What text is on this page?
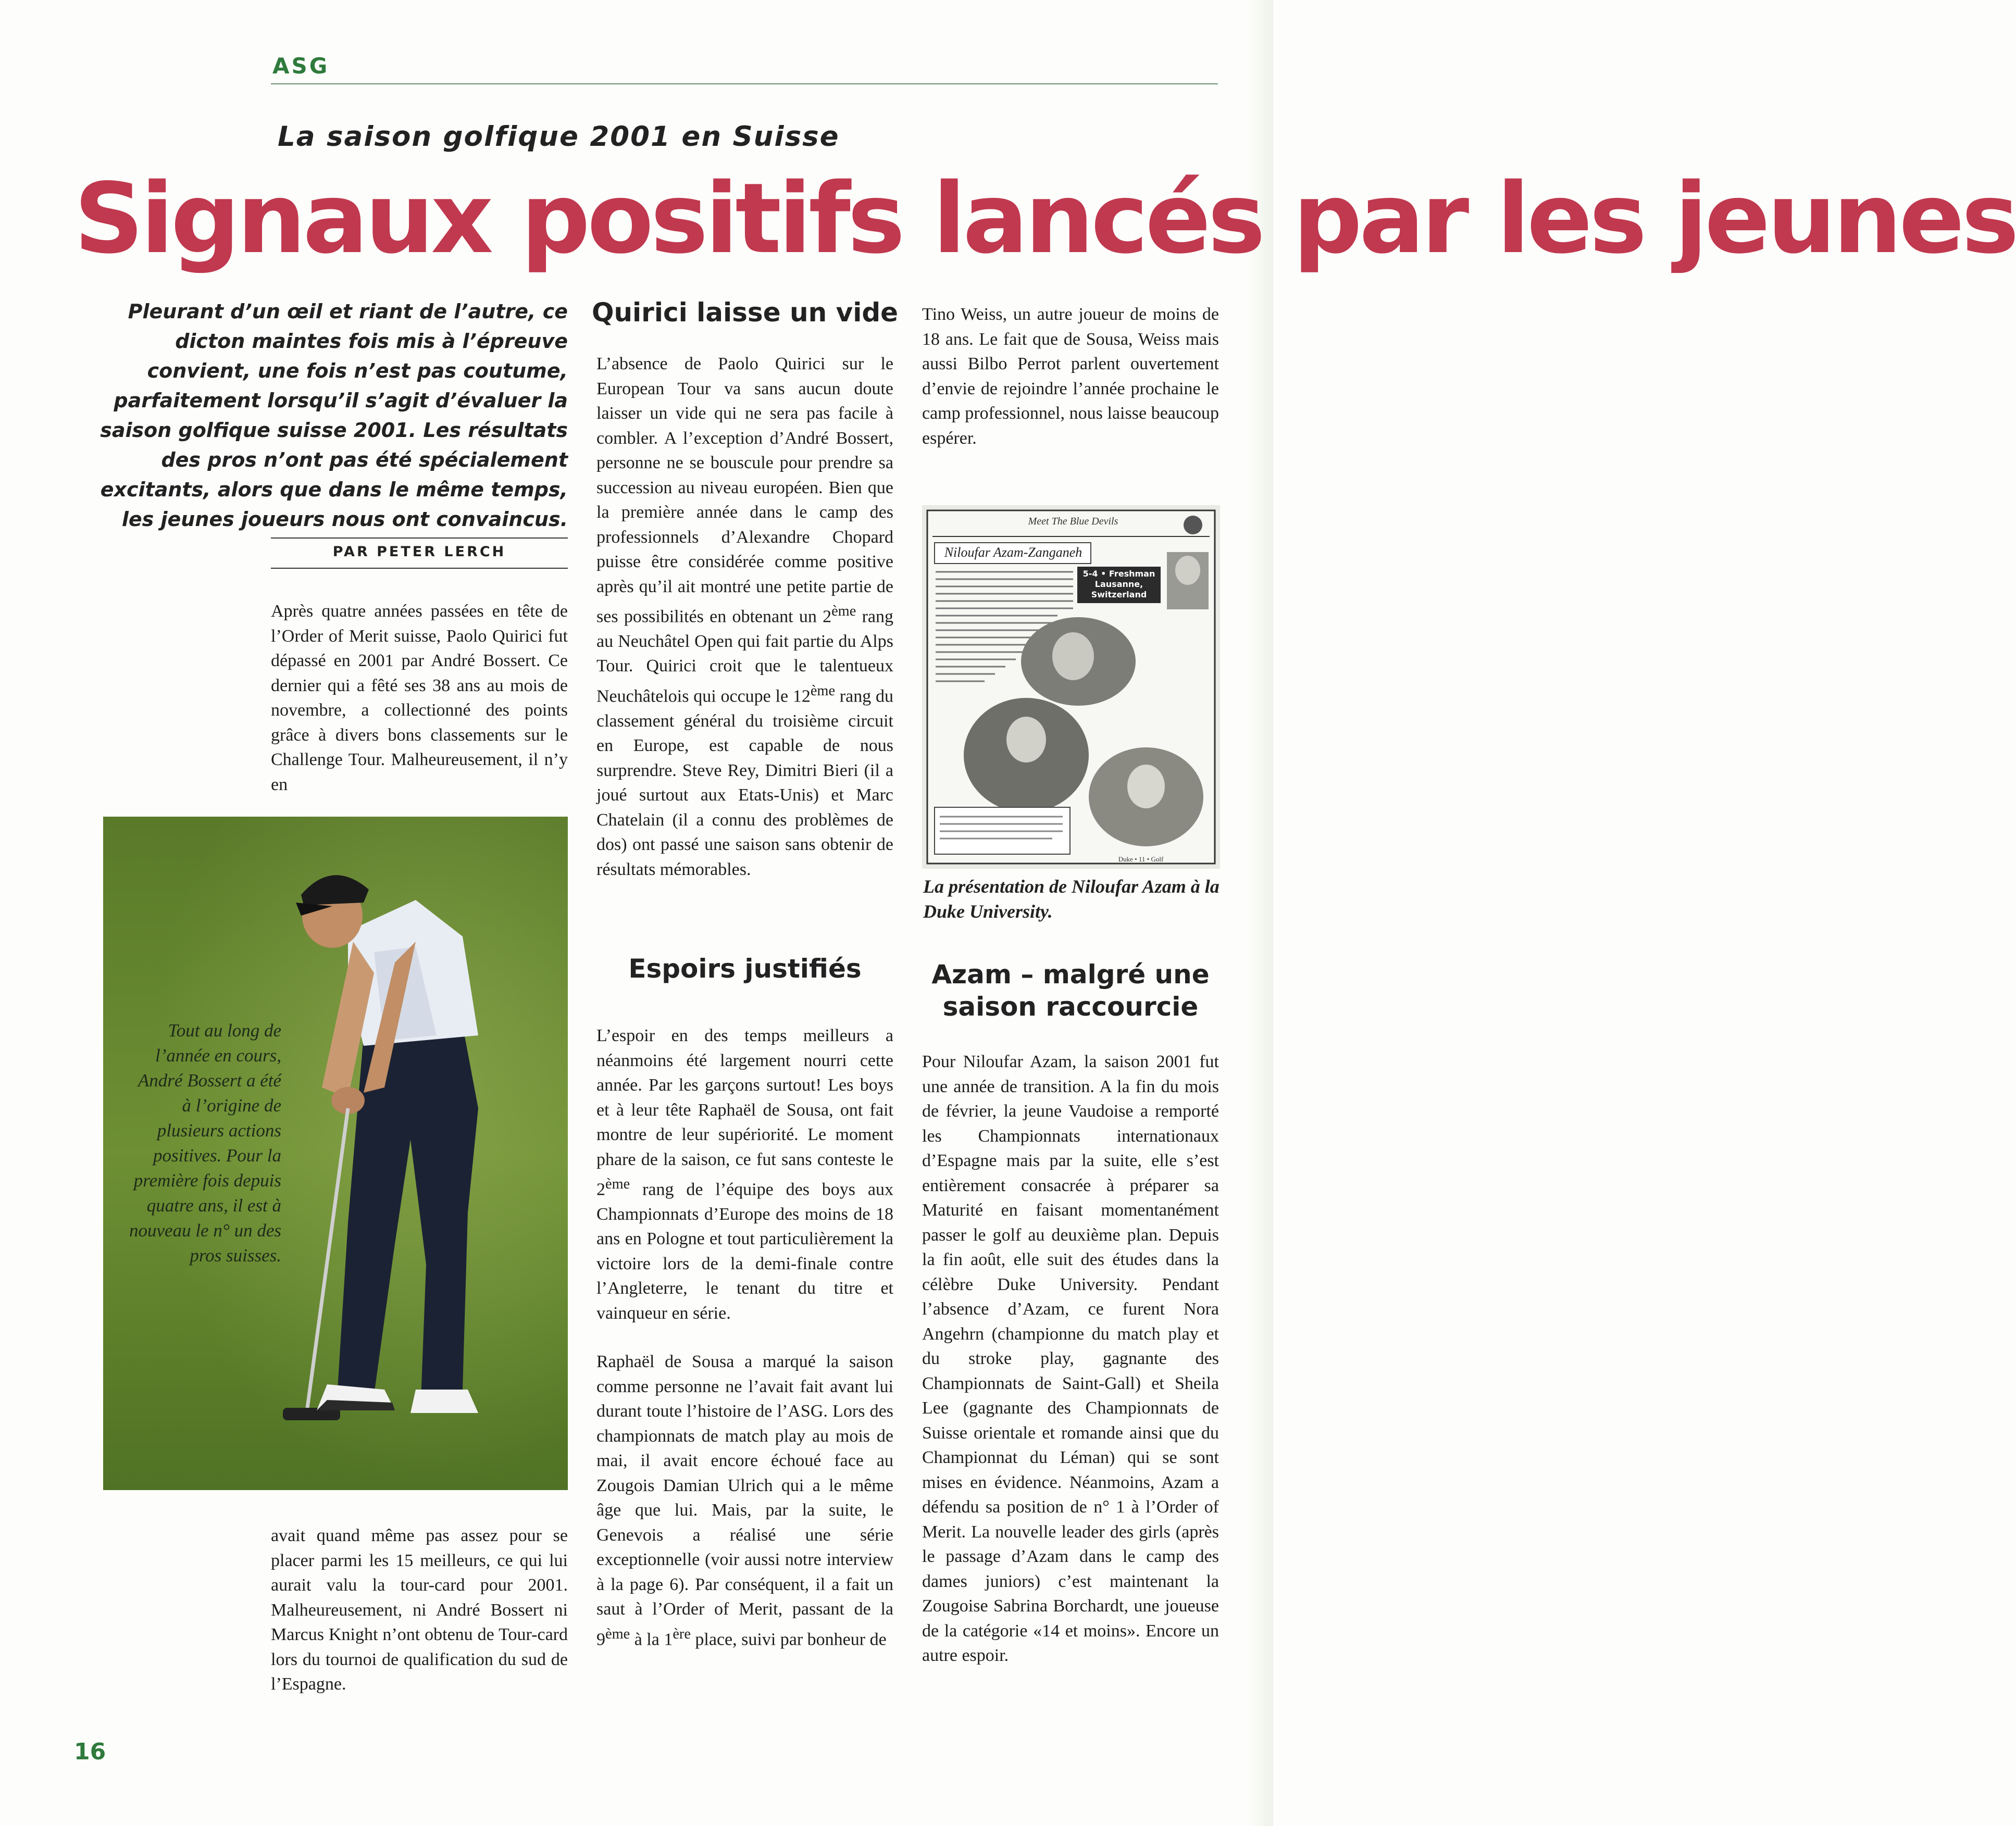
ASG
La saison golfique 2001 en Suisse
Signaux positifs lancés par les jeunes

Pleurant d’un œil et riant de l’autre, ce dicton maintes fois mis à l’épreuve convient, une fois n’est pas coutume, parfaitement lorsqu’il s’agit d’évaluer la saison golfique suisse 2001. Les résultats des pros n’ont pas été spécialement excitants, alors que dans le même temps, les jeunes joueurs nous ont convaincus.

PAR PETER LERCH

Après quatre années passées en tête de l’Order of Merit suisse, Paolo Quirici fut dépassé en 2001 par André Bossert. Ce dernier qui a fêté ses 38 ans au mois de novembre, a collectionné des points grâce à divers bons classements sur le Challenge Tour. Malheureusement, il n’y en

Tout au long de l’année en cours, André Bossert a été à l’origine de plusieurs actions positives. Pour la première fois depuis quatre ans, il est à nouveau le n° un des pros suisses.

avait quand même pas assez pour se placer parmi les 15 meilleurs, ce qui lui aurait valu la tour-card pour 2001. Malheureusement, ni André Bossert ni Marcus Knight n’ont obtenu de Tour-card lors du tournoi de qualification du sud de l’Espagne.

Quirici laisse un vide

L’absence de Paolo Quirici sur le European Tour va sans aucun doute laisser un vide qui ne sera pas facile à combler. A l’exception d’André Bossert, personne ne se bouscule pour prendre sa succession au niveau européen. Bien que la première année dans le camp des professionnels d’Alexandre Chopard puisse être considérée comme positive après qu’il ait montré une petite partie de ses possibilités en obtenant un 2ème rang au Neuchâtel Open qui fait partie du Alps Tour. Quirici croit que le talentueux Neuchâtelois qui occupe le 12ème rang du classement général du troisième circuit en Europe, est capable de nous surprendre. Steve Rey, Dimitri Bieri (il a joué surtout aux Etats-Unis) et Marc Chatelain (il a connu des problèmes de dos) ont passé une saison sans obtenir de résultats mémorables.

Espoirs justifiés

L’espoir en des temps meilleurs a néanmoins été largement nourri cette année. Par les garçons surtout! Les boys et à leur tête Raphaël de Sousa, ont fait montre de leur supériorité. Le moment phare de la saison, ce fut sans conteste le 2ème rang de l’équipe des boys aux Championnats d’Europe des moins de 18 ans en Pologne et tout particulièrement la victoire lors de la demi-finale contre l’Angleterre, le tenant du titre et vainqueur en série.

Raphaël de Sousa a marqué la saison comme personne ne l’avait fait avant lui durant toute l’histoire de l’ASG. Lors des championnats de match play au mois de mai, il avait encore échoué face au Zougois Damian Ulrich qui a le même âge que lui. Mais, par la suite, le Genevois a réalisé une série exceptionnelle (voir aussi notre interview à la page 6). Par conséquent, il a fait un saut à l’Order of Merit, passant de la 9ème à la 1ère place, suivi par bonheur de

Tino Weiss, un autre joueur de moins de 18 ans. Le fait que de Sousa, Weiss mais aussi Bilbo Perrot parlent ouvertement d’envie de rejoindre l’année prochaine le camp professionnel, nous laisse beaucoup espérer.

Meet The Blue Devils
Niloufar Azam-Zanganeh
5-4 • Freshman
Lausanne,
Switzerland
Duke • 11 • Golf

La présentation de Niloufar Azam à la Duke University.

Azam – malgré une saison raccourcie

Pour Niloufar Azam, la saison 2001 fut une année de transition. A la fin du mois de février, la jeune Vaudoise a remporté les Championnats internationaux d’Espagne mais par la suite, elle s’est entièrement consacrée à préparer sa Maturité en faisant momentanément passer le golf au deuxième plan. Depuis la fin août, elle suit des études dans la célèbre Duke University. Pendant l’absence d’Azam, ce furent Nora Angehrn (championne du match play et du stroke play, gagnante des Championnats de Saint-Gall) et Sheila Lee (gagnante des Championnats de Suisse orientale et romande ainsi que du Championnat du Léman) qui se sont mises en évidence. Néanmoins, Azam a défendu sa position de n° 1 à l’Order of Merit. La nouvelle leader des girls (après le passage d’Azam dans le camp des dames juniors) c’est maintenant la Zougoise Sabrina Borchardt, une joueuse de la catégorie «14 et moins». Encore un autre espoir.

16
